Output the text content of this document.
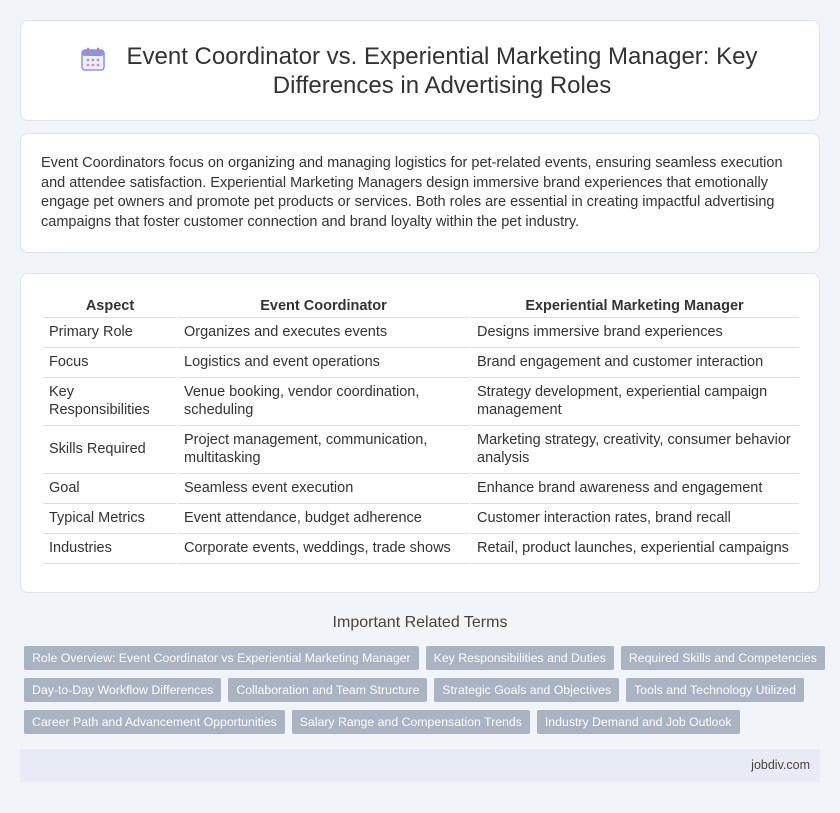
Event Coordinator vs. Experiential Marketing Manager: Key Differences in Advertising Roles

Event Coordinators focus on organizing and managing logistics for pet-related events, ensuring seamless execution and attendee satisfaction. Experiential Marketing Managers design immersive brand experiences that emotionally engage pet owners and promote pet products or services. Both roles are essential in creating impactful advertising campaigns that foster customer connection and brand loyalty within the pet industry.

Aspect	Event Coordinator	Experiential Marketing Manager
Primary Role	Organizes and executes events	Designs immersive brand experiences
Focus	Logistics and event operations	Brand engagement and customer interaction
Key Responsibilities	Venue booking, vendor coordination, scheduling	Strategy development, experiential campaign management
Skills Required	Project management, communication, multitasking	Marketing strategy, creativity, consumer behavior analysis
Goal	Seamless event execution	Enhance brand awareness and engagement
Typical Metrics	Event attendance, budget adherence	Customer interaction rates, brand recall
Industries	Corporate events, weddings, trade shows	Retail, product launches, experiential campaigns
Important Related Terms
Role Overview: Event Coordinator vs Experiential Marketing Manager	Key Responsibilities and Duties	Required Skills and Competencies
Day-to-Day Workflow Differences	Collaboration and Team Structure	Strategic Goals and Objectives	Tools and Technology Utilized
Career Path and Advancement Opportunities	Salary Range and Compensation Trends	Industry Demand and Job Outlook
jobdiv.com
